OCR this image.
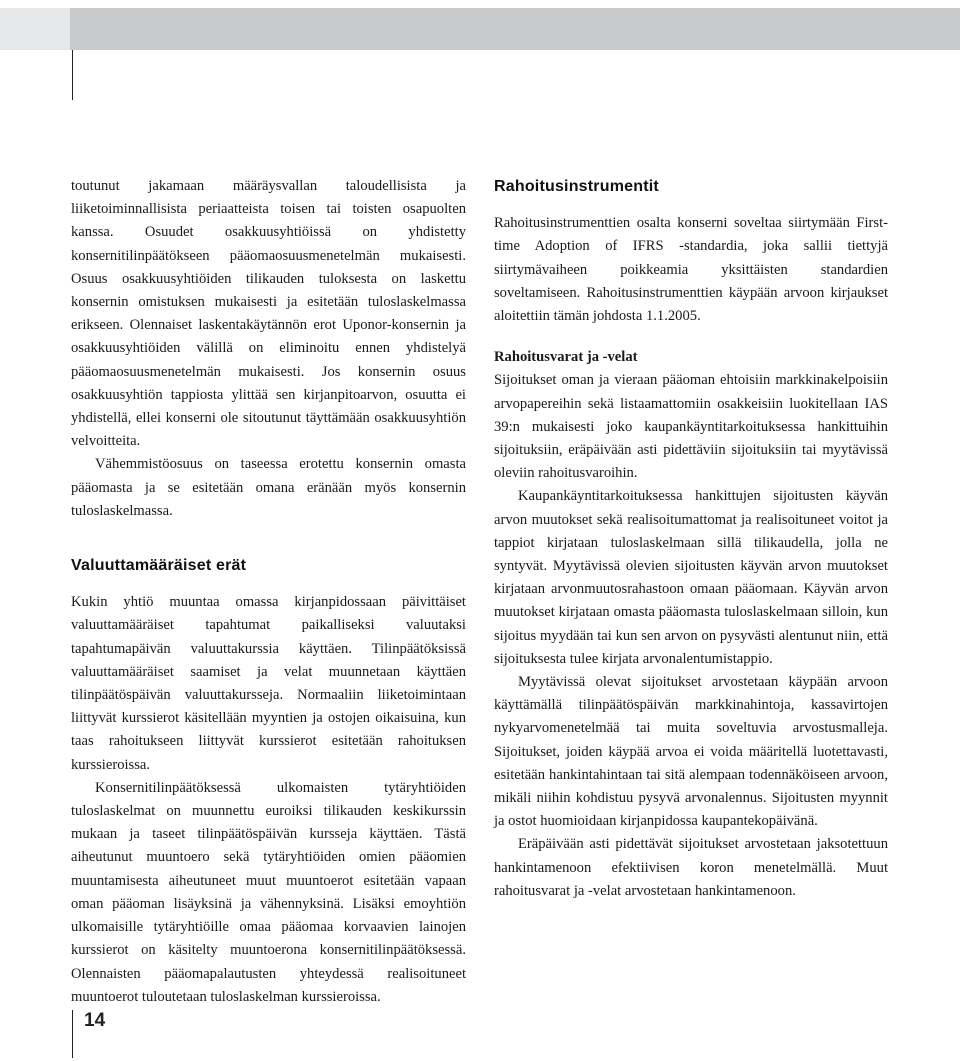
toutunut jakamaan määräysvallan taloudellisista ja liiketoiminnallisista periaatteista toisen tai toisten osapuolten kanssa. Osuudet osakkuusyhtiöissä on yhdistetty konsernitilinpäätökseen pääomaosuusmenetelmän mukaisesti. Osuus osakkuusyhtiöiden tilikauden tuloksesta on laskettu konsernin omistuksen mukaisesti ja esitetään tuloslaskelmassa erikseen. Olennaiset laskentakäytännön erot Uponor-konsernin ja osakkuusyhtiöiden välillä on eliminoitu ennen yhdistelyä pääomaosuusmenetelmän mukaisesti. Jos konsernin osuus osakkuusyhtiön tappiosta ylittää sen kirjanpitoarvon, osuutta ei yhdistellä, ellei konserni ole sitoutunut täyttämään osakkuusyhtiön velvoitteita.

Vähemmistöosuus on taseessa erotettu konsernin omasta pääomasta ja se esitetään omana eränään myös konsernin tuloslaskelmassa.

Valuuttamääräiset erät

Kukin yhtiö muuntaa omassa kirjanpidossaan päivittäiset valuuttamääräiset tapahtumat paikalliseksi valuutaksi tapahtumapäivän valuuttakurssia käyttäen. Tilinpäätöksissä valuuttamääräiset saamiset ja velat muunnetaan käyttäen tilinpäätöspäivän valuuttakursseja. Normaaliin liiketoimintaan liittyvät kurssierot käsitellään myyntien ja ostojen oikaisuina, kun taas rahoitukseen liittyvät kurssierot esitetään rahoituksen kurssieroissa.

Konsernitilinpäätöksessä ulkomaisten tytäryhtiöiden tuloslaskelmat on muunnettu euroiksi tilikauden keskikurssin mukaan ja taseet tilinpäätöspäivän kursseja käyttäen. Tästä aiheutunut muuntoero sekä tytäryhtiöiden omien pääomien muuntamisesta aiheutuneet muut muuntoerot esitetään vapaan oman pääoman lisäyksinä ja vähennyksinä. Lisäksi emoyhtiön ulkomaisille tytäryhtiöille omaa pääomaa korvaavien lainojen kurssierot on käsitelty muuntoerona konsernitilinpäätöksessä. Olennaisten pääomapalautusten yhteydessä realisoituneet muuntoerot tuloutetaan tuloslaskelman kurssieroissa.

Rahoitusinstrumentit

Rahoitusinstrumenttien osalta konserni soveltaa siirtymään First-time Adoption of IFRS -standardia, joka sallii tiettyjä siirtymävaiheen poikkeamia yksittäisten standardien soveltamiseen. Rahoitusinstrumenttien käypään arvoon kirjaukset aloitettiin tämän johdosta 1.1.2005.

Rahoitusvarat ja -velat

Sijoitukset oman ja vieraan pääoman ehtoisiin markkinakelpoisiin arvopapereihin sekä listaamattomiin osakkeisiin luokitellaan IAS 39:n mukaisesti joko kaupankäyntitarkoituksessa hankittuihin sijoituksiin, eräpäivään asti pidettäviin sijoituksiin tai myytävissä oleviin rahoitusvaroihin.

Kaupankäyntitarkoituksessa hankittujen sijoitusten käyvän arvon muutokset sekä realisoitumattomat ja realisoituneet voitot ja tappiot kirjataan tuloslaskelmaan sillä tilikaudella, jolla ne syntyvät. Myytävissä olevien sijoitusten käyvän arvon muutokset kirjataan arvonmuutosrahastoon omaan pääomaan. Käyvän arvon muutokset kirjataan omasta pääomasta tuloslaskelmaan silloin, kun sijoitus myydään tai kun sen arvon on pysyvästi alentunut niin, että sijoituksesta tulee kirjata arvonalentumistappio.

Myytävissä olevat sijoitukset arvostetaan käypään arvoon käyttämällä tilinpäätöspäivän markkinahintoja, kassavirtojen nykyarvomenetelmää tai muita soveltuvia arvostusmalleja. Sijoitukset, joiden käypää arvoa ei voida määritellä luotettavasti, esitetään hankintahintaan tai sitä alempaan todennäköiseen arvoon, mikäli niihin kohdistuu pysyvä arvonalennus. Sijoitusten myynnit ja ostot huomioidaan kirjanpidossa kaupantekopäivänä.

Eräpäivään asti pidettävät sijoitukset arvostetaan jaksotettuun hankintamenoon efektiivisen koron menetelmällä. Muut rahoitusvarat ja -velat arvostetaan hankintamenoon.

14
